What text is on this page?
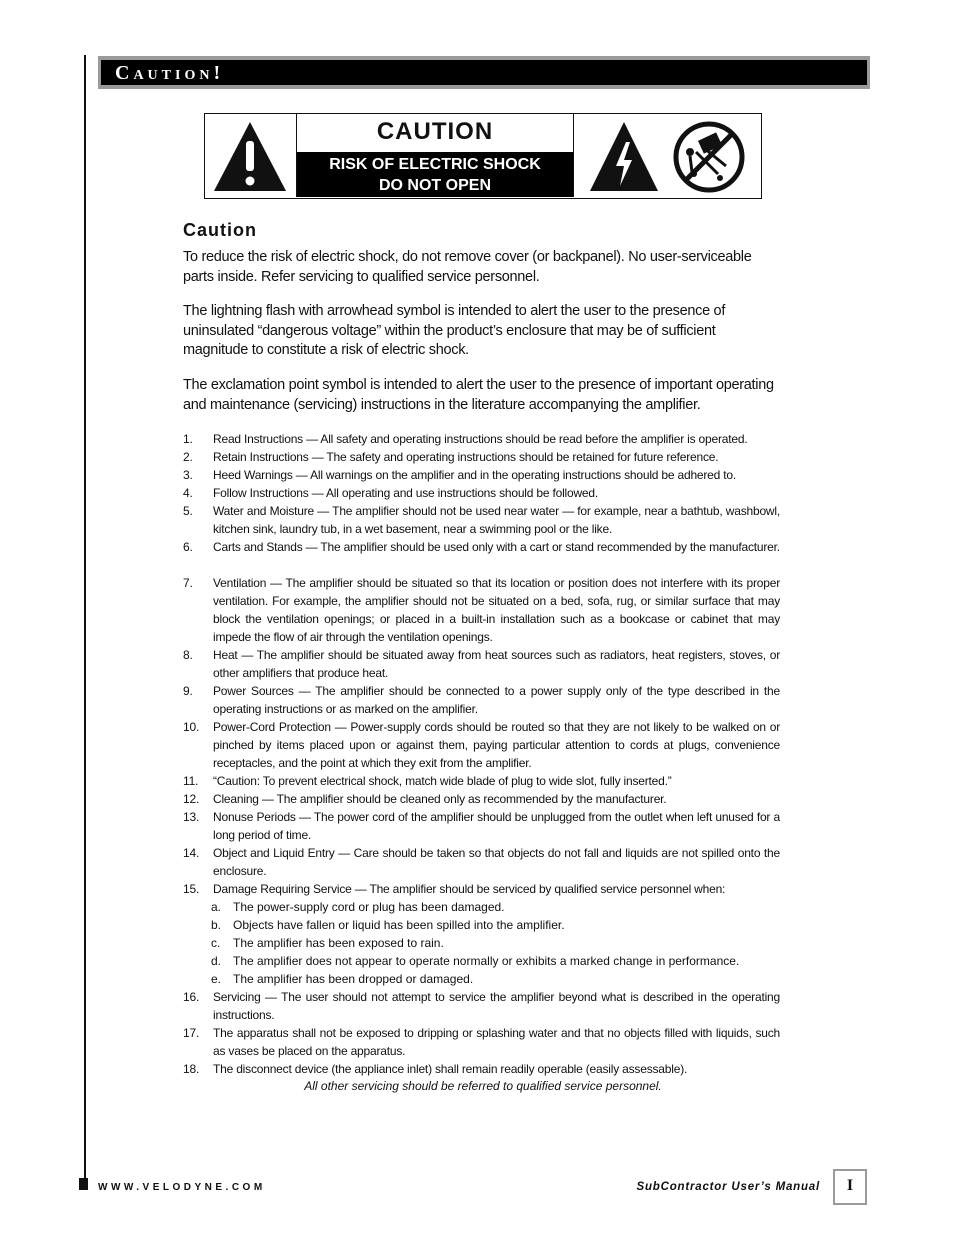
Caution!
CAUTION
RISK OF ELECTRIC SHOCK
DO NOT OPEN
Caution
To reduce the risk of electric shock, do not remove cover (or backpanel). No user-serviceable parts inside. Refer servicing to qualified service personnel.
The lightning flash with arrowhead symbol is intended to alert the user to the presence of uninsulated “dangerous voltage” within the product’s enclosure that may be of sufficient magnitude to constitute a risk of electric shock.
The exclamation point symbol is intended to alert the user to the presence of important operating and maintenance (servicing) instructions in the literature accompanying the amplifier.
1.	Read Instructions — All safety and operating instructions should be read before the amplifier is operated.
2.	Retain Instructions — The safety and operating instructions should be retained for future reference.
3.	Heed Warnings — All warnings on the amplifier and in the operating instructions should be adhered to.
4.	Follow Instructions — All operating and use instructions should be followed.
5.	Water and Moisture — The amplifier should not be used near water — for example, near a bathtub, washbowl, kitchen sink, laundry tub, in a wet basement, near a swimming pool or the like.
6.	Carts and Stands — The amplifier should be used only with a cart or stand recommended by the manufacturer.
7.	Ventilation — The amplifier should be situated so that its location or position does not interfere with its proper ventilation. For example, the amplifier should not be situated on a bed, sofa, rug, or similar surface that may block the ventilation openings; or placed in a built-in installation such as a bookcase or cabinet that may impede the flow of air through the ventilation openings.
8.	Heat — The amplifier should be situated away from heat sources such as radiators, heat registers, stoves, or other amplifiers that produce heat.
9.	Power Sources — The amplifier should be connected to a power supply only of the type described in the operating instructions or as marked on the amplifier.
10.	Power-Cord Protection — Power-supply cords should be routed so that they are not likely to be walked on or pinched by items placed upon or against them, paying particular attention to cords at plugs, convenience receptacles, and the point at which they exit from the amplifier.
11.	“Caution: To prevent electrical shock, match wide blade of plug to wide slot, fully inserted.”
12.	Cleaning — The amplifier should be cleaned only as recommended by the manufacturer.
13.	Nonuse Periods — The power cord of the amplifier should be unplugged from the outlet when left unused for a long period of time.
14.	Object and Liquid Entry — Care should be taken so that objects do not fall and liquids are not spilled onto the enclosure.
15.	Damage Requiring Service — The amplifier should be serviced by qualified service personnel when:
a. The power-supply cord or plug has been damaged.
b. Objects have fallen or liquid has been spilled into the amplifier.
c. The amplifier has been exposed to rain.
d. The amplifier does not appear to operate normally or exhibits a marked change in performance.
e. The amplifier has been dropped or damaged.
16.	Servicing — The user should not attempt to service the amplifier beyond what is described in the operating instructions.
17.	The apparatus shall not be exposed to dripping or splashing water and that no objects filled with liquids, such as vases be placed on the apparatus.
18.	The disconnect device (the appliance inlet) shall remain readily operable (easily assessable).
All other servicing should be referred to qualified service personnel.
WWW.VELODYNE.COM	SubContractor User’s Manual	I
